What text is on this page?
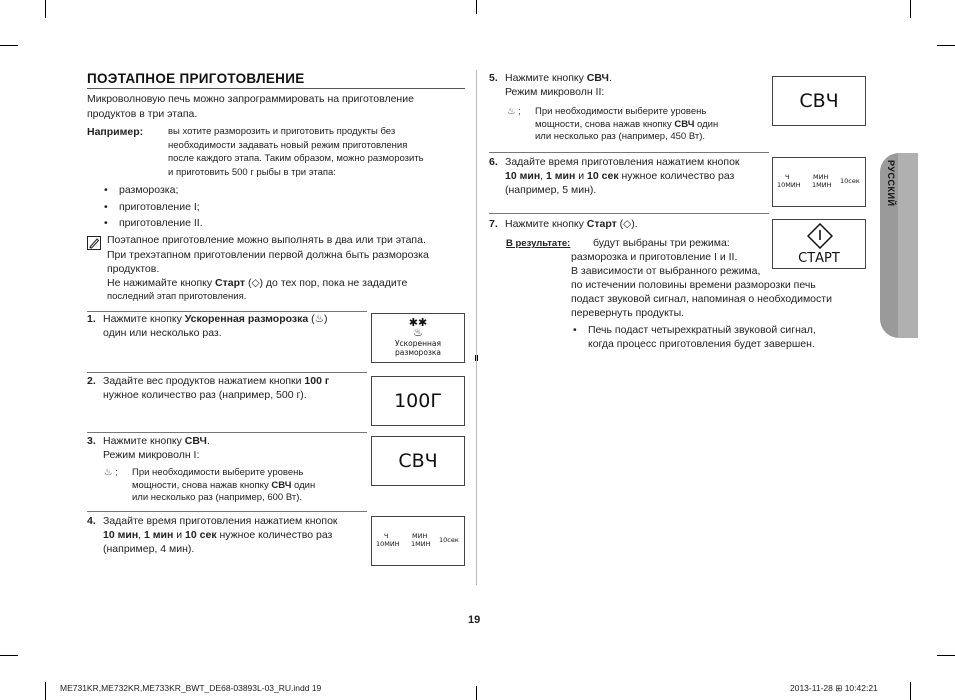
РУССКИЙ
ПОЭТАПНОЕ ПРИГОТОВЛЕНИЕ
Микроволновую печь можно запрограммировать на приготовление
продуктов в три этапа.
Например:	вы хотите разморозить и приготовить продукты без
необходимости задавать новый режим приготовления
после каждого этапа. Таким образом, можно разморозить
и приготовить 500 г рыбы в три этапа:
• разморозка;
• приготовление I;
• приготовление II.
Поэтапное приготовление можно выполнять в два или три этапа.
При трехэтапном приготовлении первой должна быть разморозка
продуктов.
Не нажимайте кнопку Старт (◇) до тех пор, пока не зададите
последний этап приготовления.
1. Нажмите кнопку Ускоренная разморозка (♨)
один или несколько раз.
✱✱
♨
Ускоренная
разморозка
2. Задайте вес продуктов нажатием кнопки 100 г
нужное количество раз (например, 500 г).	100Г
3. Нажмите кнопку СВЧ.
Режим микроволн I:
♨ ; При необходимости выберите уровень
мощности, снова нажав кнопку СВЧ один
или несколько раз (например, 600 Вт).
СВЧ
4. Задайте время приготовления нажатием кнопок
10 мин, 1 мин и 10 сек нужное количество раз
(например, 4 мин).
Ч
10МИН
МИН
1МИН 10сек
5. Нажмите кнопку СВЧ.
Режим микроволн II:
♨ ; При необходимости выберите уровень
мощности, снова нажав кнопку СВЧ один
или несколько раз (например, 450 Вт).
СВЧ
6. Задайте время приготовления нажатием кнопок
10 мин, 1 мин и 10 сек нужное количество раз
(например, 5 мин).
Ч
10МИН
МИН
1МИН 10сек
7. Нажмите кнопку Старт (◇).
В результате: будут выбраны три режима:
разморозка и приготовление I и II.
В зависимости от выбранного режима,
по истечении половины времени разморозки печь
подаст звуковой сигнал, напоминая о необходимости
перевернуть продукты.
• Печь подаст четырехкратный звуковой сигнал,
когда процесс приготовления будет завершен.
СТАРТ
19
ME731KR,ME732KR,ME733KR_BWT_DE68-03893L-03_RU.indd 19	2013-11-28 ⊞ 10:42:21
